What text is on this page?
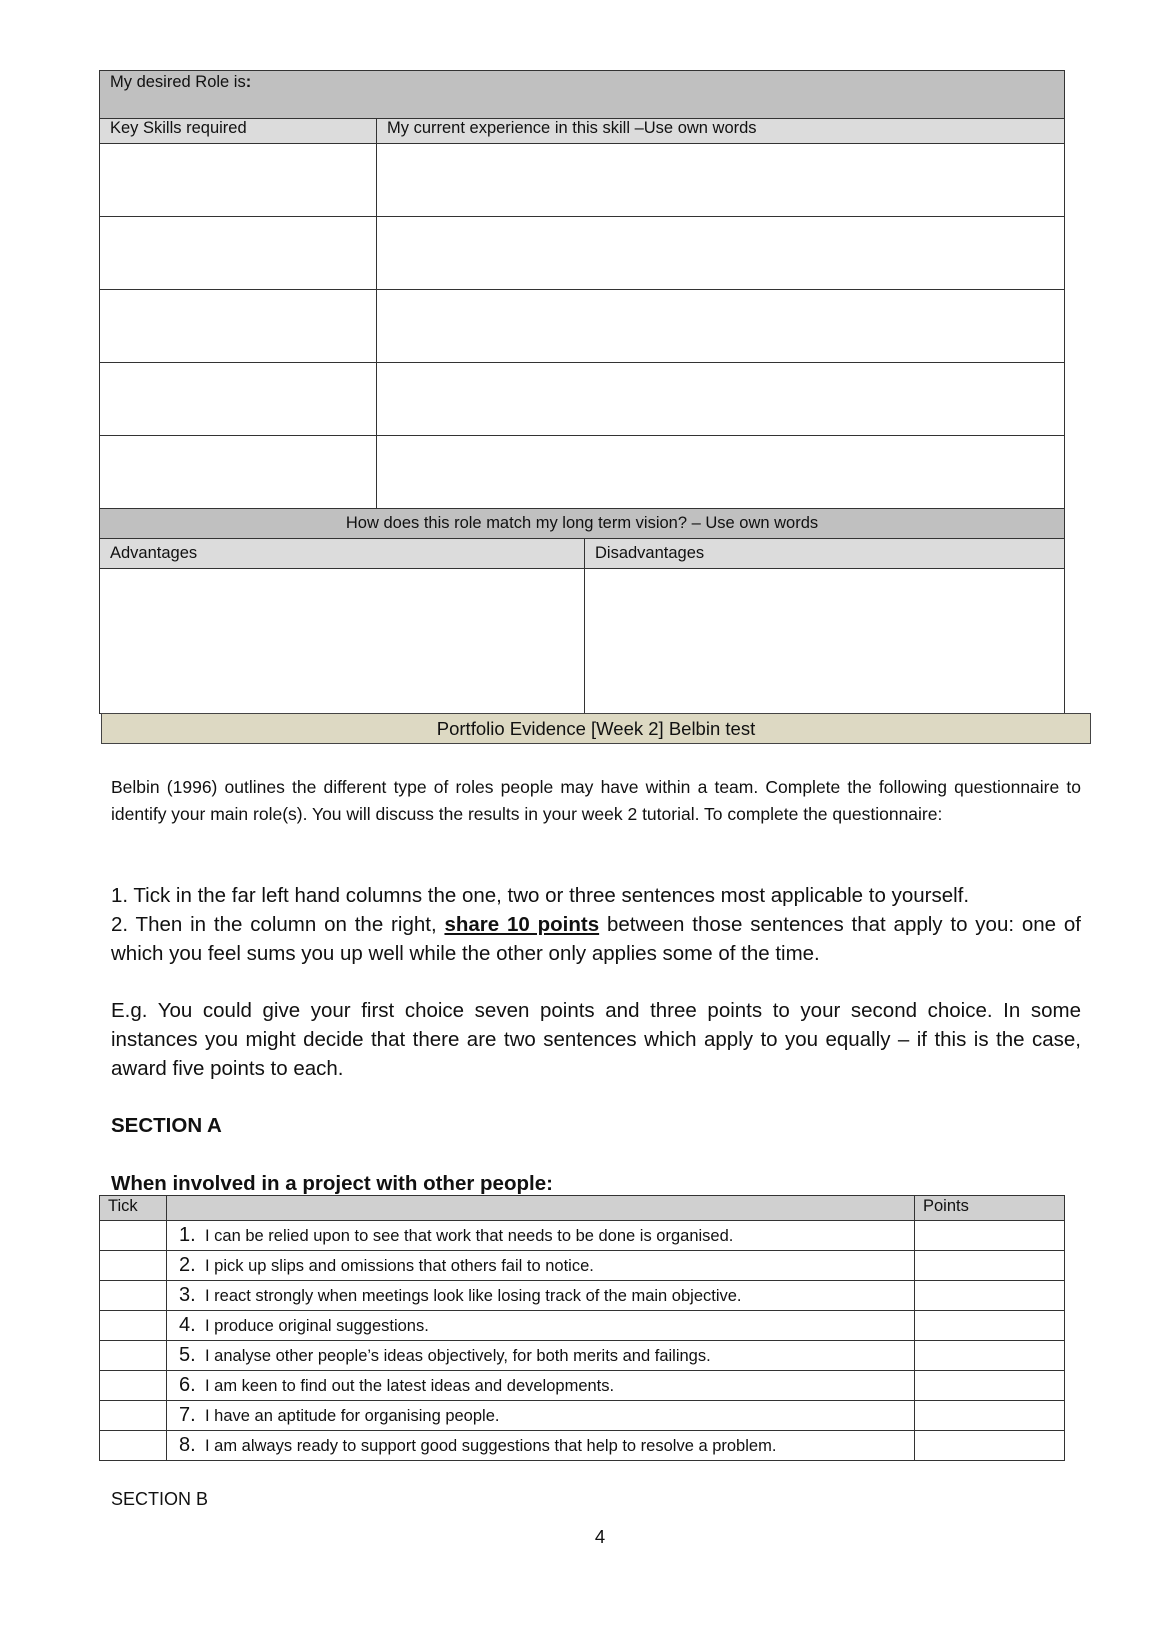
My desired Role is:		
Key Skills required	My current experience in this skill –Use own words	

How does this role match my long term vision? – Use own words		
Advantages		Disadvantages

Portfolio Evidence [Week 2] Belbin test
Belbin (1996) outlines the different type of roles people may have within a team. Complete the following questionnaire to identify your main role(s). You will discuss the results in your week 2 tutorial. To complete the questionnaire:
1. Tick in the far left hand columns the one, two or three sentences most applicable to yourself.
2. Then in the column on the right, share 10 points between those sentences that apply to you: one of which you feel sums you up well while the other only applies some of the time.
E.g. You could give your first choice seven points and three points to your second choice. In some instances you might decide that there are two sentences which apply to you equally – if this is the case, award five points to each.
SECTION A
When involved in a project with other people:
Tick		Points
	1. I can be relied upon to see that work that needs to be done is organised.	
	2. I pick up slips and omissions that others fail to notice.	
	3. I react strongly when meetings look like losing track of the main objective.	
	4. I produce original suggestions.	
	5. I analyse other people’s ideas objectively, for both merits and failings.	
	6. I am keen to find out the latest ideas and developments.	
	7. I have an aptitude for organising people.	
	8. I am always ready to support good suggestions that help to resolve a problem.	
SECTION B
4
